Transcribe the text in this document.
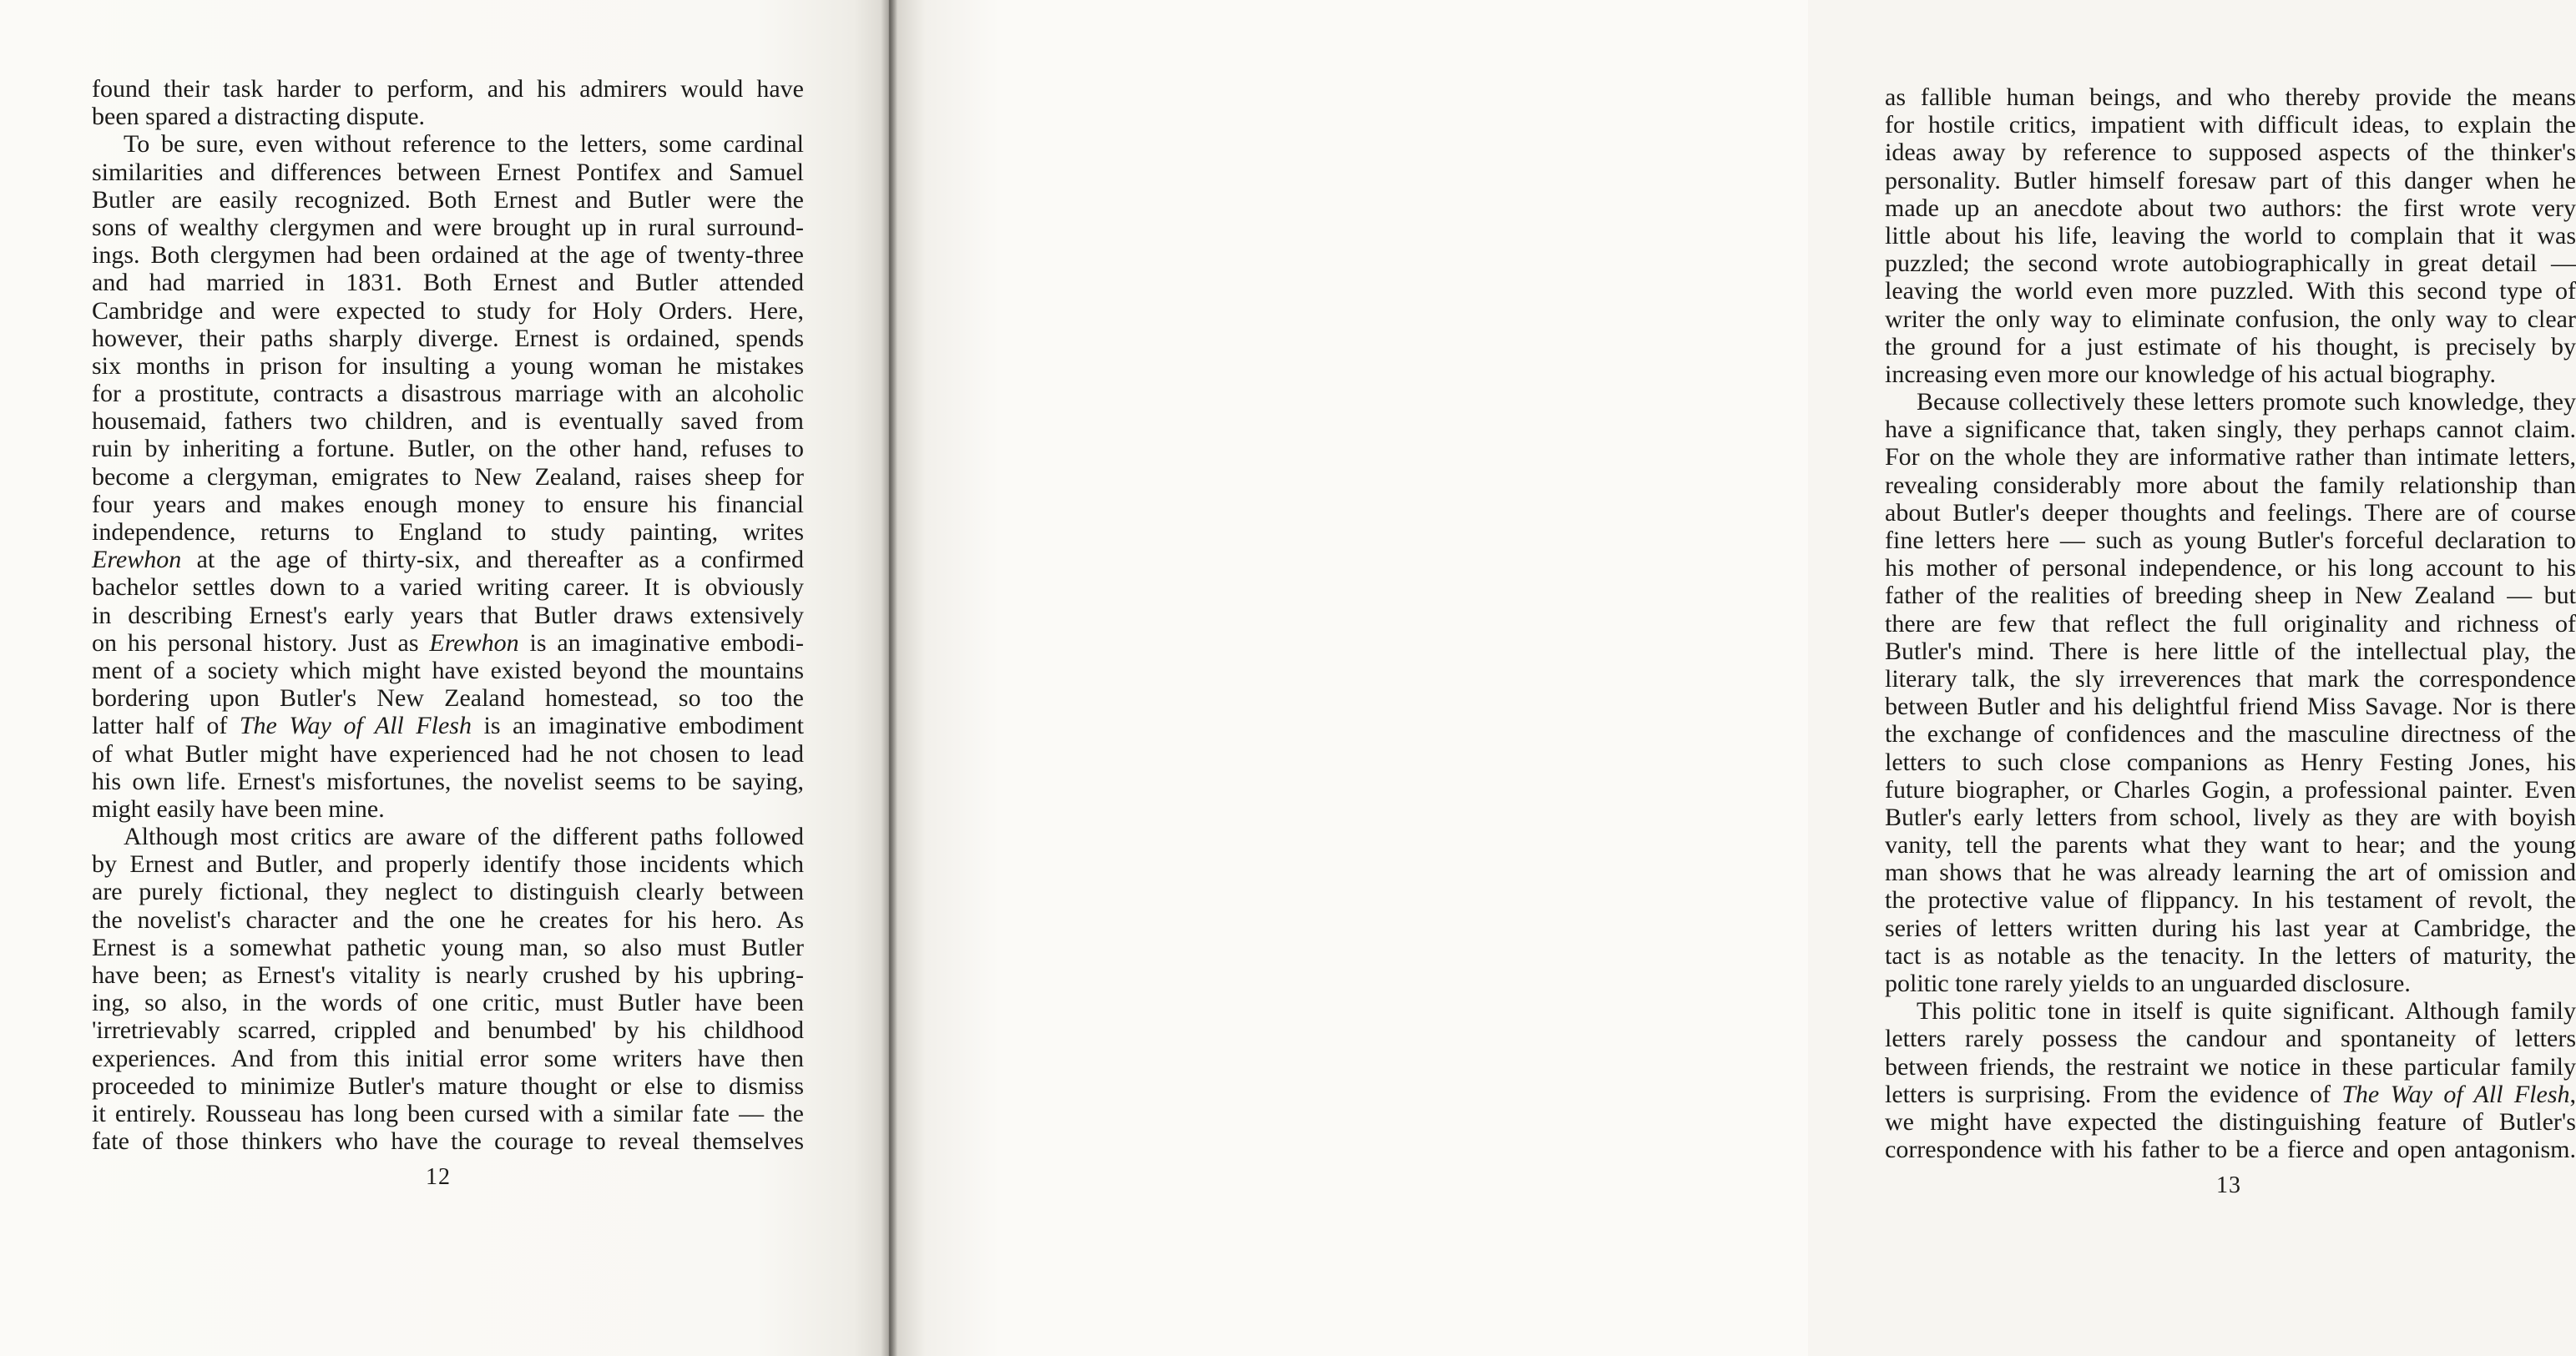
found their task harder to perform, and his admirers would have
been spared a distracting dispute.
To be sure, even without reference to the letters, some cardinal
similarities and differences between Ernest Pontifex and Samuel
Butler are easily recognized. Both Ernest and Butler were the
sons of wealthy clergymen and were brought up in rural surround-
ings. Both clergymen had been ordained at the age of twenty-three
and had married in 1831. Both Ernest and Butler attended
Cambridge and were expected to study for Holy Orders. Here,
however, their paths sharply diverge. Ernest is ordained, spends
six months in prison for insulting a young woman he mistakes
for a prostitute, contracts a disastrous marriage with an alcoholic
housemaid, fathers two children, and is eventually saved from
ruin by inheriting a fortune. Butler, on the other hand, refuses to
become a clergyman, emigrates to New Zealand, raises sheep for
four years and makes enough money to ensure his financial
independence, returns to England to study painting, writes
Erewhon at the age of thirty-six, and thereafter as a confirmed
bachelor settles down to a varied writing career. It is obviously
in describing Ernest's early years that Butler draws extensively
on his personal history. Just as Erewhon is an imaginative embodi-
ment of a society which might have existed beyond the mountains
bordering upon Butler's New Zealand homestead, so too the
latter half of The Way of All Flesh is an imaginative embodiment
of what Butler might have experienced had he not chosen to lead
his own life. Ernest's misfortunes, the novelist seems to be saying,
might easily have been mine.
Although most critics are aware of the different paths followed
by Ernest and Butler, and properly identify those incidents which
are purely fictional, they neglect to distinguish clearly between
the novelist's character and the one he creates for his hero. As
Ernest is a somewhat pathetic young man, so also must Butler
have been; as Ernest's vitality is nearly crushed by his upbring-
ing, so also, in the words of one critic, must Butler have been
'irretrievably scarred, crippled and benumbed' by his childhood
experiences. And from this initial error some writers have then
proceeded to minimize Butler's mature thought or else to dismiss
it entirely. Rousseau has long been cursed with a similar fate — the
fate of those thinkers who have the courage to reveal themselves
12
as fallible human beings, and who thereby provide the means
for hostile critics, impatient with difficult ideas, to explain the
ideas away by reference to supposed aspects of the thinker's
personality. Butler himself foresaw part of this danger when he
made up an anecdote about two authors: the first wrote very
little about his life, leaving the world to complain that it was
puzzled; the second wrote autobiographically in great detail —
leaving the world even more puzzled. With this second type of
writer the only way to eliminate confusion, the only way to clear
the ground for a just estimate of his thought, is precisely by
increasing even more our knowledge of his actual biography.
Because collectively these letters promote such knowledge, they
have a significance that, taken singly, they perhaps cannot claim.
For on the whole they are informative rather than intimate letters,
revealing considerably more about the family relationship than
about Butler's deeper thoughts and feelings. There are of course
fine letters here — such as young Butler's forceful declaration to
his mother of personal independence, or his long account to his
father of the realities of breeding sheep in New Zealand — but
there are few that reflect the full originality and richness of
Butler's mind. There is here little of the intellectual play, the
literary talk, the sly irreverences that mark the correspondence
between Butler and his delightful friend Miss Savage. Nor is there
the exchange of confidences and the masculine directness of the
letters to such close companions as Henry Festing Jones, his
future biographer, or Charles Gogin, a professional painter. Even
Butler's early letters from school, lively as they are with boyish
vanity, tell the parents what they want to hear; and the young
man shows that he was already learning the art of omission and
the protective value of flippancy. In his testament of revolt, the
series of letters written during his last year at Cambridge, the
tact is as notable as the tenacity. In the letters of maturity, the
politic tone rarely yields to an unguarded disclosure.
This politic tone in itself is quite significant. Although family
letters rarely possess the candour and spontaneity of letters
between friends, the restraint we notice in these particular family
letters is surprising. From the evidence of The Way of All Flesh,
we might have expected the distinguishing feature of Butler's
correspondence with his father to be a fierce and open antagonism.
13
